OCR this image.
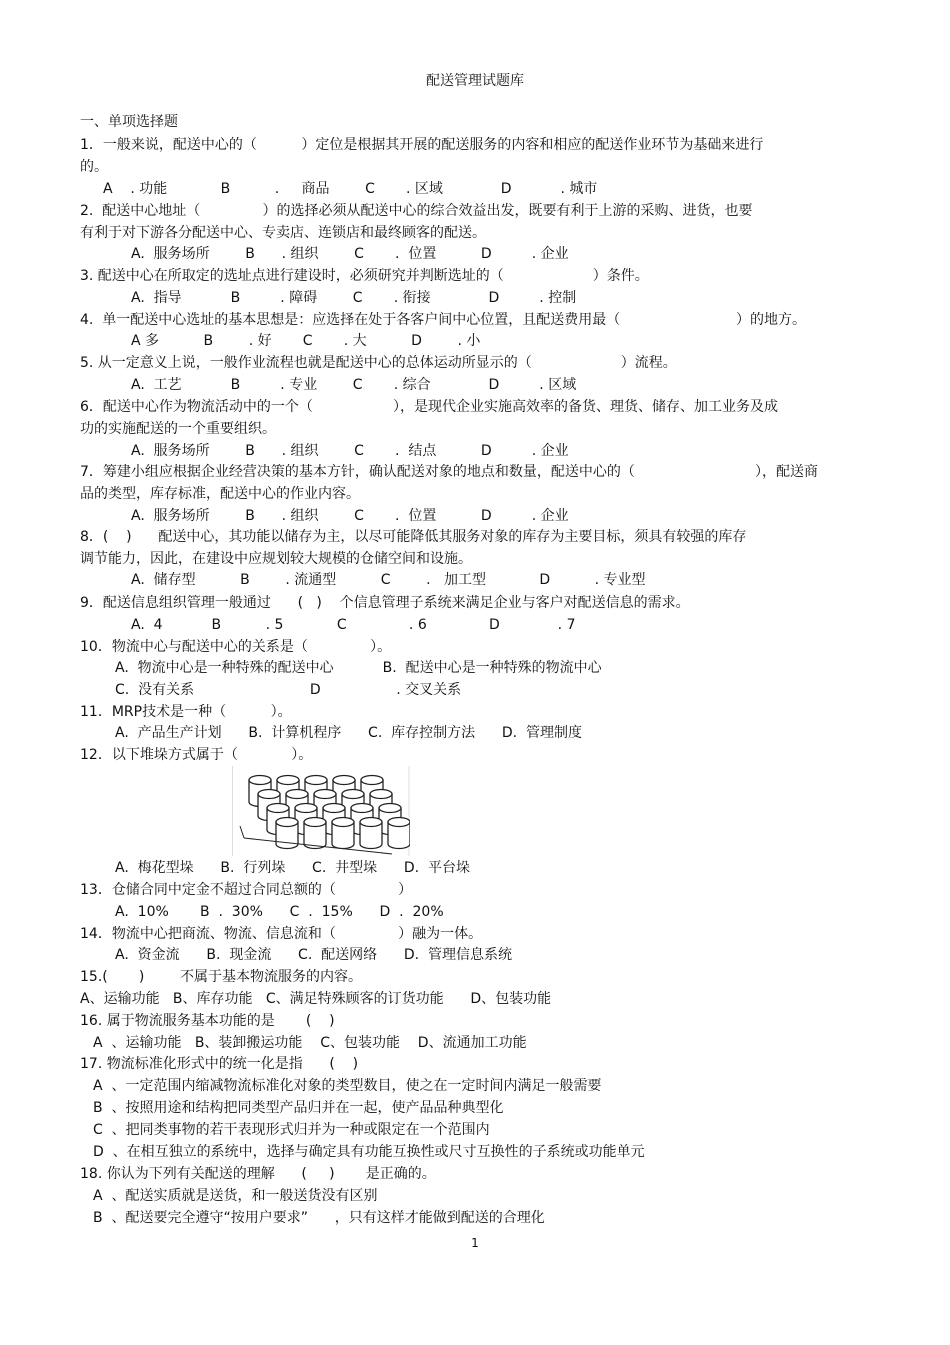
配送管理试题库
一、单项选择题
1．一般来说，配送中心的（          ）定位是根据其开展的配送服务的内容和相应的配送作业环节为基础来进行
的。
A    . 功能            B          .     商品        C       . 区域             D           . 城市
2.  配送中心地址（              ）的选择必须从配送中心的综合效益出发，既要有利于上游的采购、进货，也要
有利于对下游各分配送中心、专卖店、连锁店和最终顾客的配送。
A.  服务场所        B      . 组织        C       .  位置          D         . 企业
3. 配送中心在所取定的选址点进行建设时，必须研究并判断选址的（                    ）条件。
A.  指导           B         . 障碍        C       . 衔接             D         . 控制
4.  单一配送中心选址的基本思想是：应选择在处于各客户间中心位置，且配送费用最（                          ）的地方。
A 多          B        . 好       C       . 大          D        . 小
5. 从一定意义上说，一般作业流程也就是配送中心的总体运动所显示的（                    ）流程。
A.  工艺           B         . 专业        C       . 综合             D         . 区域
6．配送中心作为物流活动中的一个（                  ），是现代企业实施高效率的备货、理货、储存、加工业务及成
功的实施配送的一个重要组织。
A.  服务场所        B      . 组织        C       .  结点          D         . 企业
7．筹建小组应根据企业经营决策的基本方针，确认配送对象的地点和数量，配送中心的（                           ），配送商
品的类型，库存标准，配送中心的作业内容。
A.  服务场所        B      . 组织        C       .  位置          D         . 企业
8．(    )      配送中心，其功能以储存为主，以尽可能降低其服务对象的库存为主要目标，须具有较强的库存
调节能力，因此，在建设中应规划较大规模的仓储空间和设施。
A.  储存型          B        . 流通型          C        .   加工型            D          . 专业型
9．配送信息组织管理一般通过      (   )    个信息管理子系统来满足企业与客户对配送信息的需求。
A.  4           B          . 5            C              . 6              D             . 7
10．物流中心与配送中心的关系是（              ）。
A.  物流中心是一种特殊的配送中心           B.  配送中心是一种特殊的物流中心
C.  没有关系                          D                 . 交叉关系
11．MRP技术是一种（          ）。
A.  产品生产计划      B.  计算机程序      C.  库存控制方法      D.  管理制度
12．以下堆垛方式属于（            ）。
A.  梅花型垛      B.  行列垛      C.  井型垛      D.  平台垛
13．仓储合同中定金不超过合同总额的（              ）
A.  10%       B  .  30%      C  .  15%      D  .  20%
14．物流中心把商流、物流、信息流和（              ）融为一体。
A.  资金流      B.  现金流      C.  配送网络      D.  管理信息系统
15.(       )        不属于基本物流服务的内容。
A、运输功能   B、库存功能   C、满足特殊顾客的订货功能      D、包装功能
16. 属于物流服务基本功能的是       (    )
A  、运输功能   B、装卸搬运功能    C、包装功能    D、流通加工功能
17. 物流标准化形式中的统一化是指      (    )
A  、一定范围内缩减物流标准化对象的类型数目，使之在一定时间内满足一般需要
B  、按照用途和结构把同类型产品归并在一起，使产品品种典型化
C  、把同类事物的若干表现形式归并为一种或限定在一个范围内
D  、在相互独立的系统中，选择与确定具有功能互换性或尺寸互换性的子系统或功能单元
18. 你认为下列有关配送的理解      (     )       是正确的。
A  、配送实质就是送货，和一般送货没有区别
B  、配送要完全遵守“按用户要求”      ，只有这样才能做到配送的合理化
1
